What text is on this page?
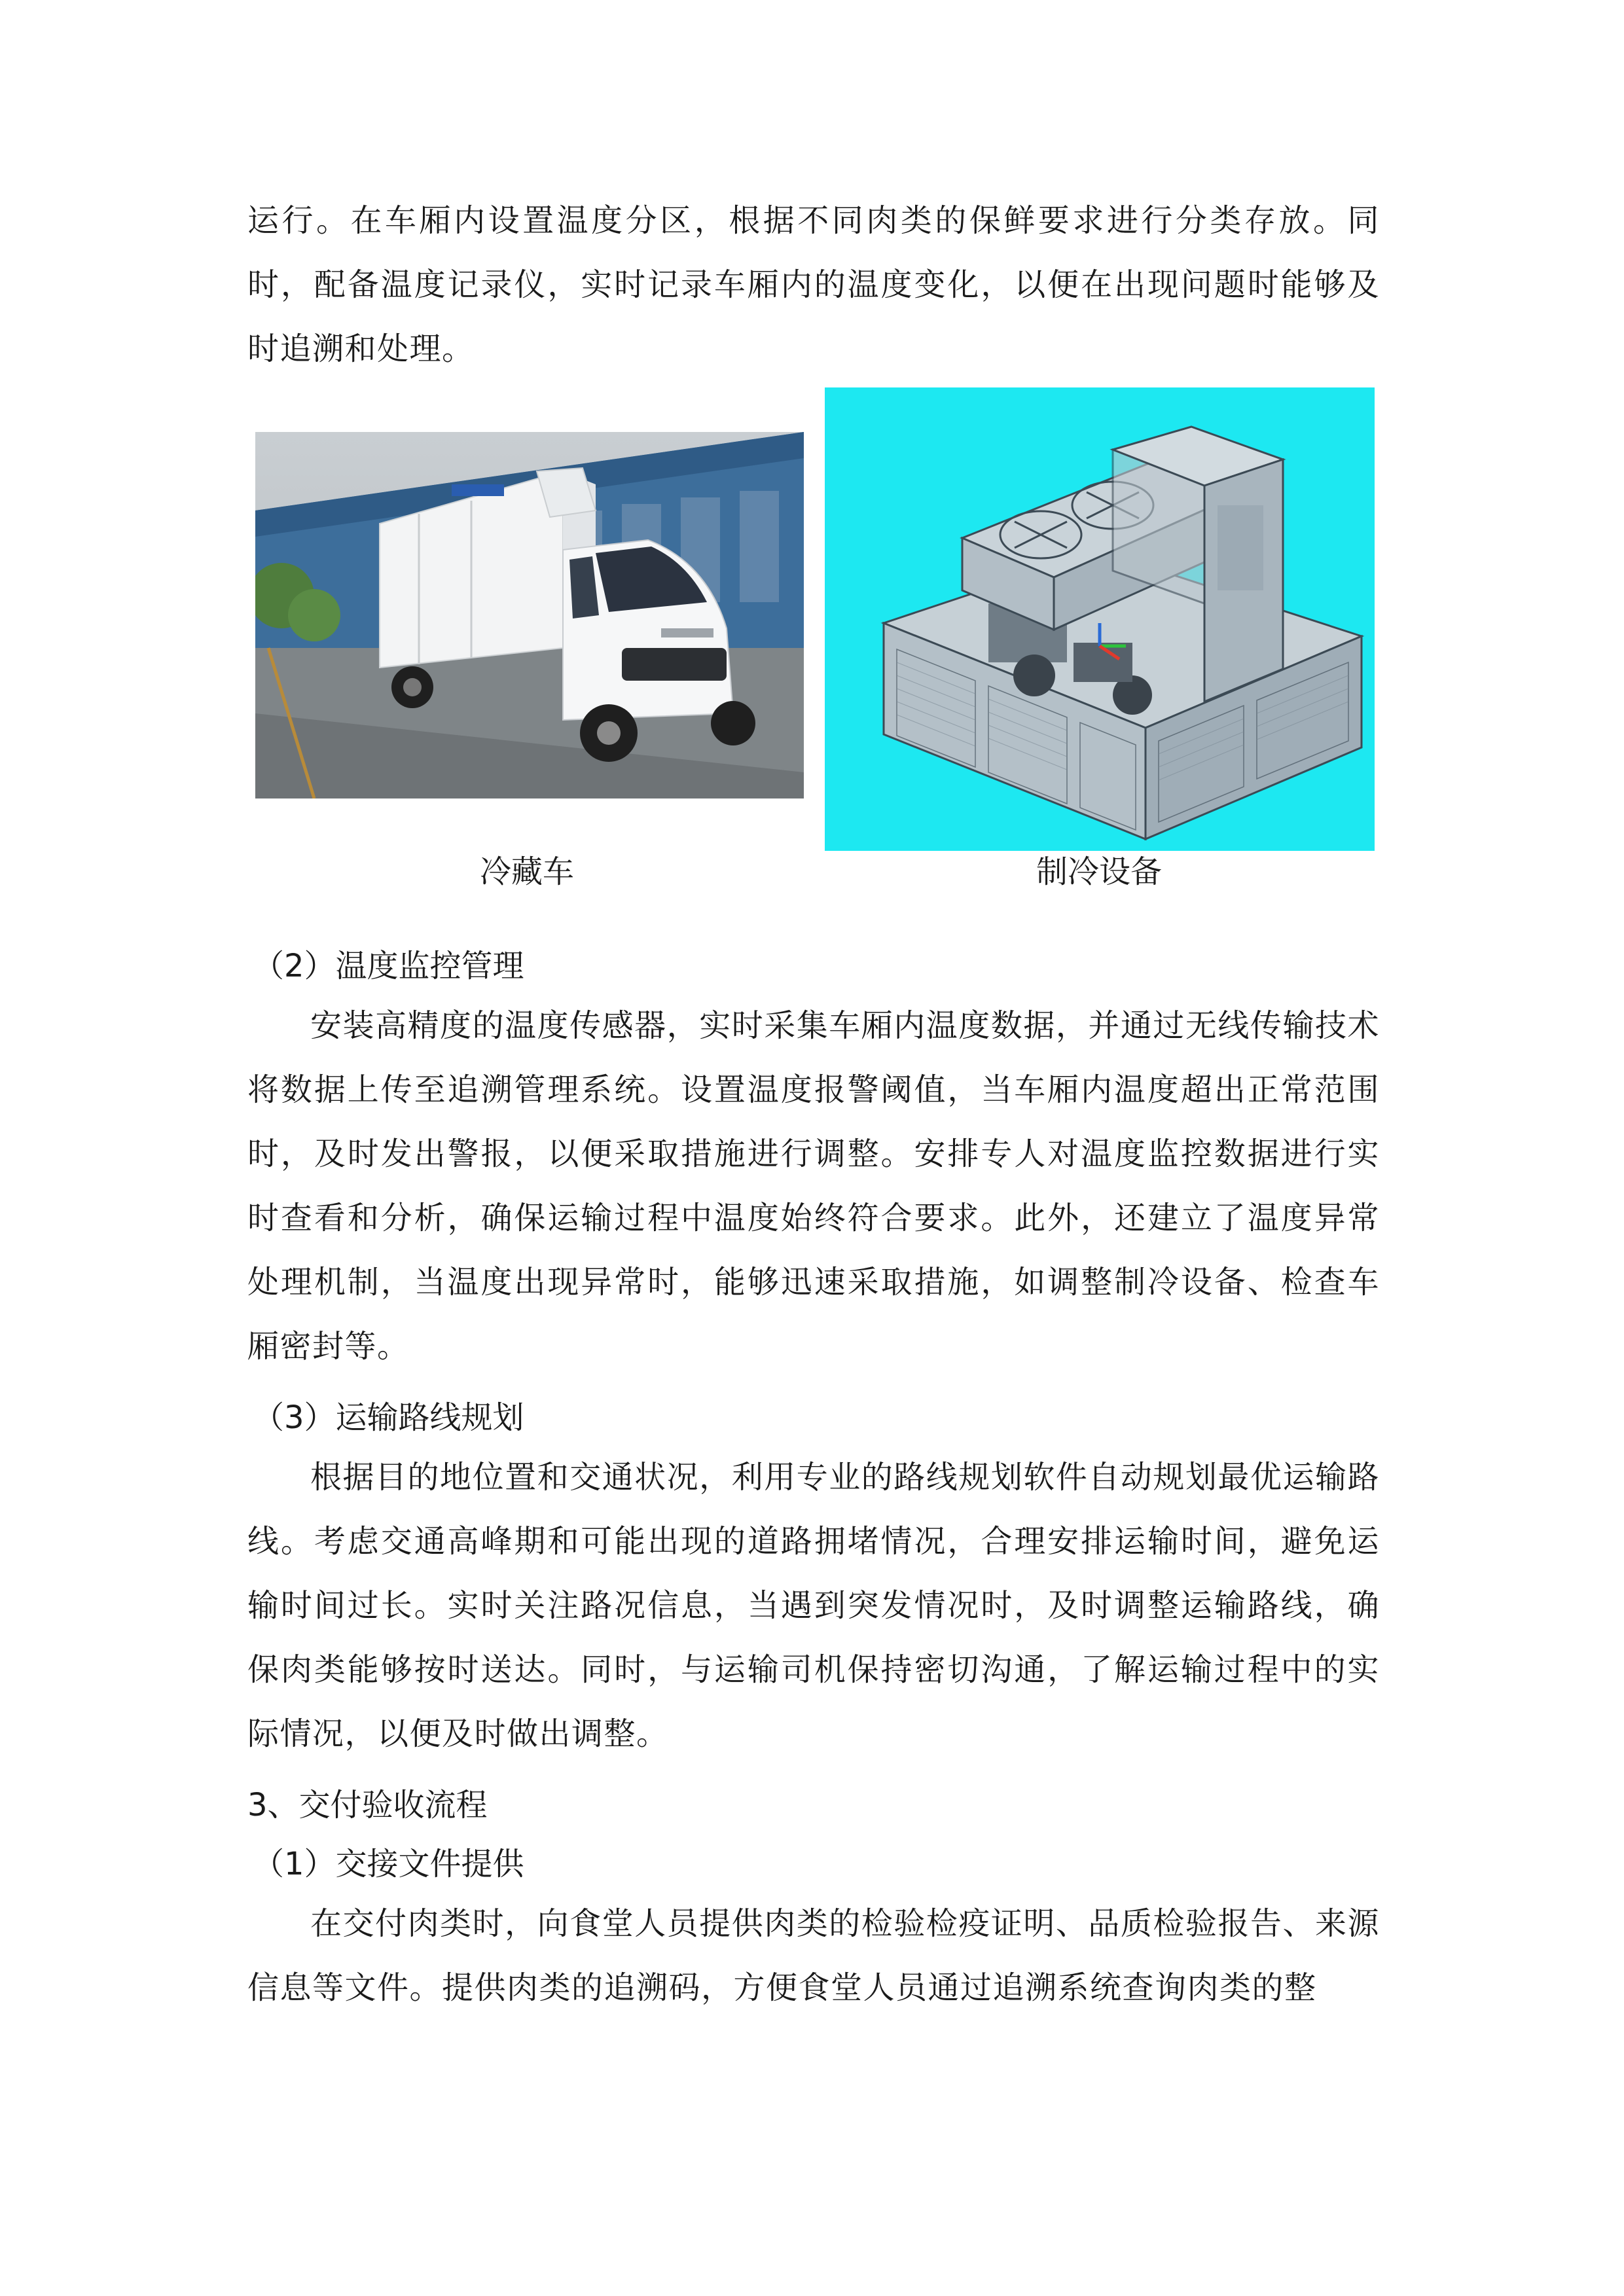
运行。在车厢内设置温度分区，根据不同肉类的保鲜要求进行分类存放。同时，配备温度记录仪，实时记录车厢内的温度变化，以便在出现问题时能够及时追溯和处理。

冷藏车	制冷设备

（2）温度监控管理

安装高精度的温度传感器，实时采集车厢内温度数据，并通过无线传输技术将数据上传至追溯管理系统。设置温度报警阈值，当车厢内温度超出正常范围时，及时发出警报，以便采取措施进行调整。安排专人对温度监控数据进行实时查看和分析，确保运输过程中温度始终符合要求。此外，还建立了温度异常处理机制，当温度出现异常时，能够迅速采取措施，如调整制冷设备、检查车厢密封等。

（3）运输路线规划

根据目的地位置和交通状况，利用专业的路线规划软件自动规划最优运输路线。考虑交通高峰期和可能出现的道路拥堵情况，合理安排运输时间，避免运输时间过长。实时关注路况信息，当遇到突发情况时，及时调整运输路线，确保肉类能够按时送达。同时，与运输司机保持密切沟通，了解运输过程中的实际情况，以便及时做出调整。

3、交付验收流程

（1）交接文件提供

在交付肉类时，向食堂人员提供肉类的检验检疫证明、品质检验报告、来源信息等文件。提供肉类的追溯码，方便食堂人员通过追溯系统查询肉类的整
